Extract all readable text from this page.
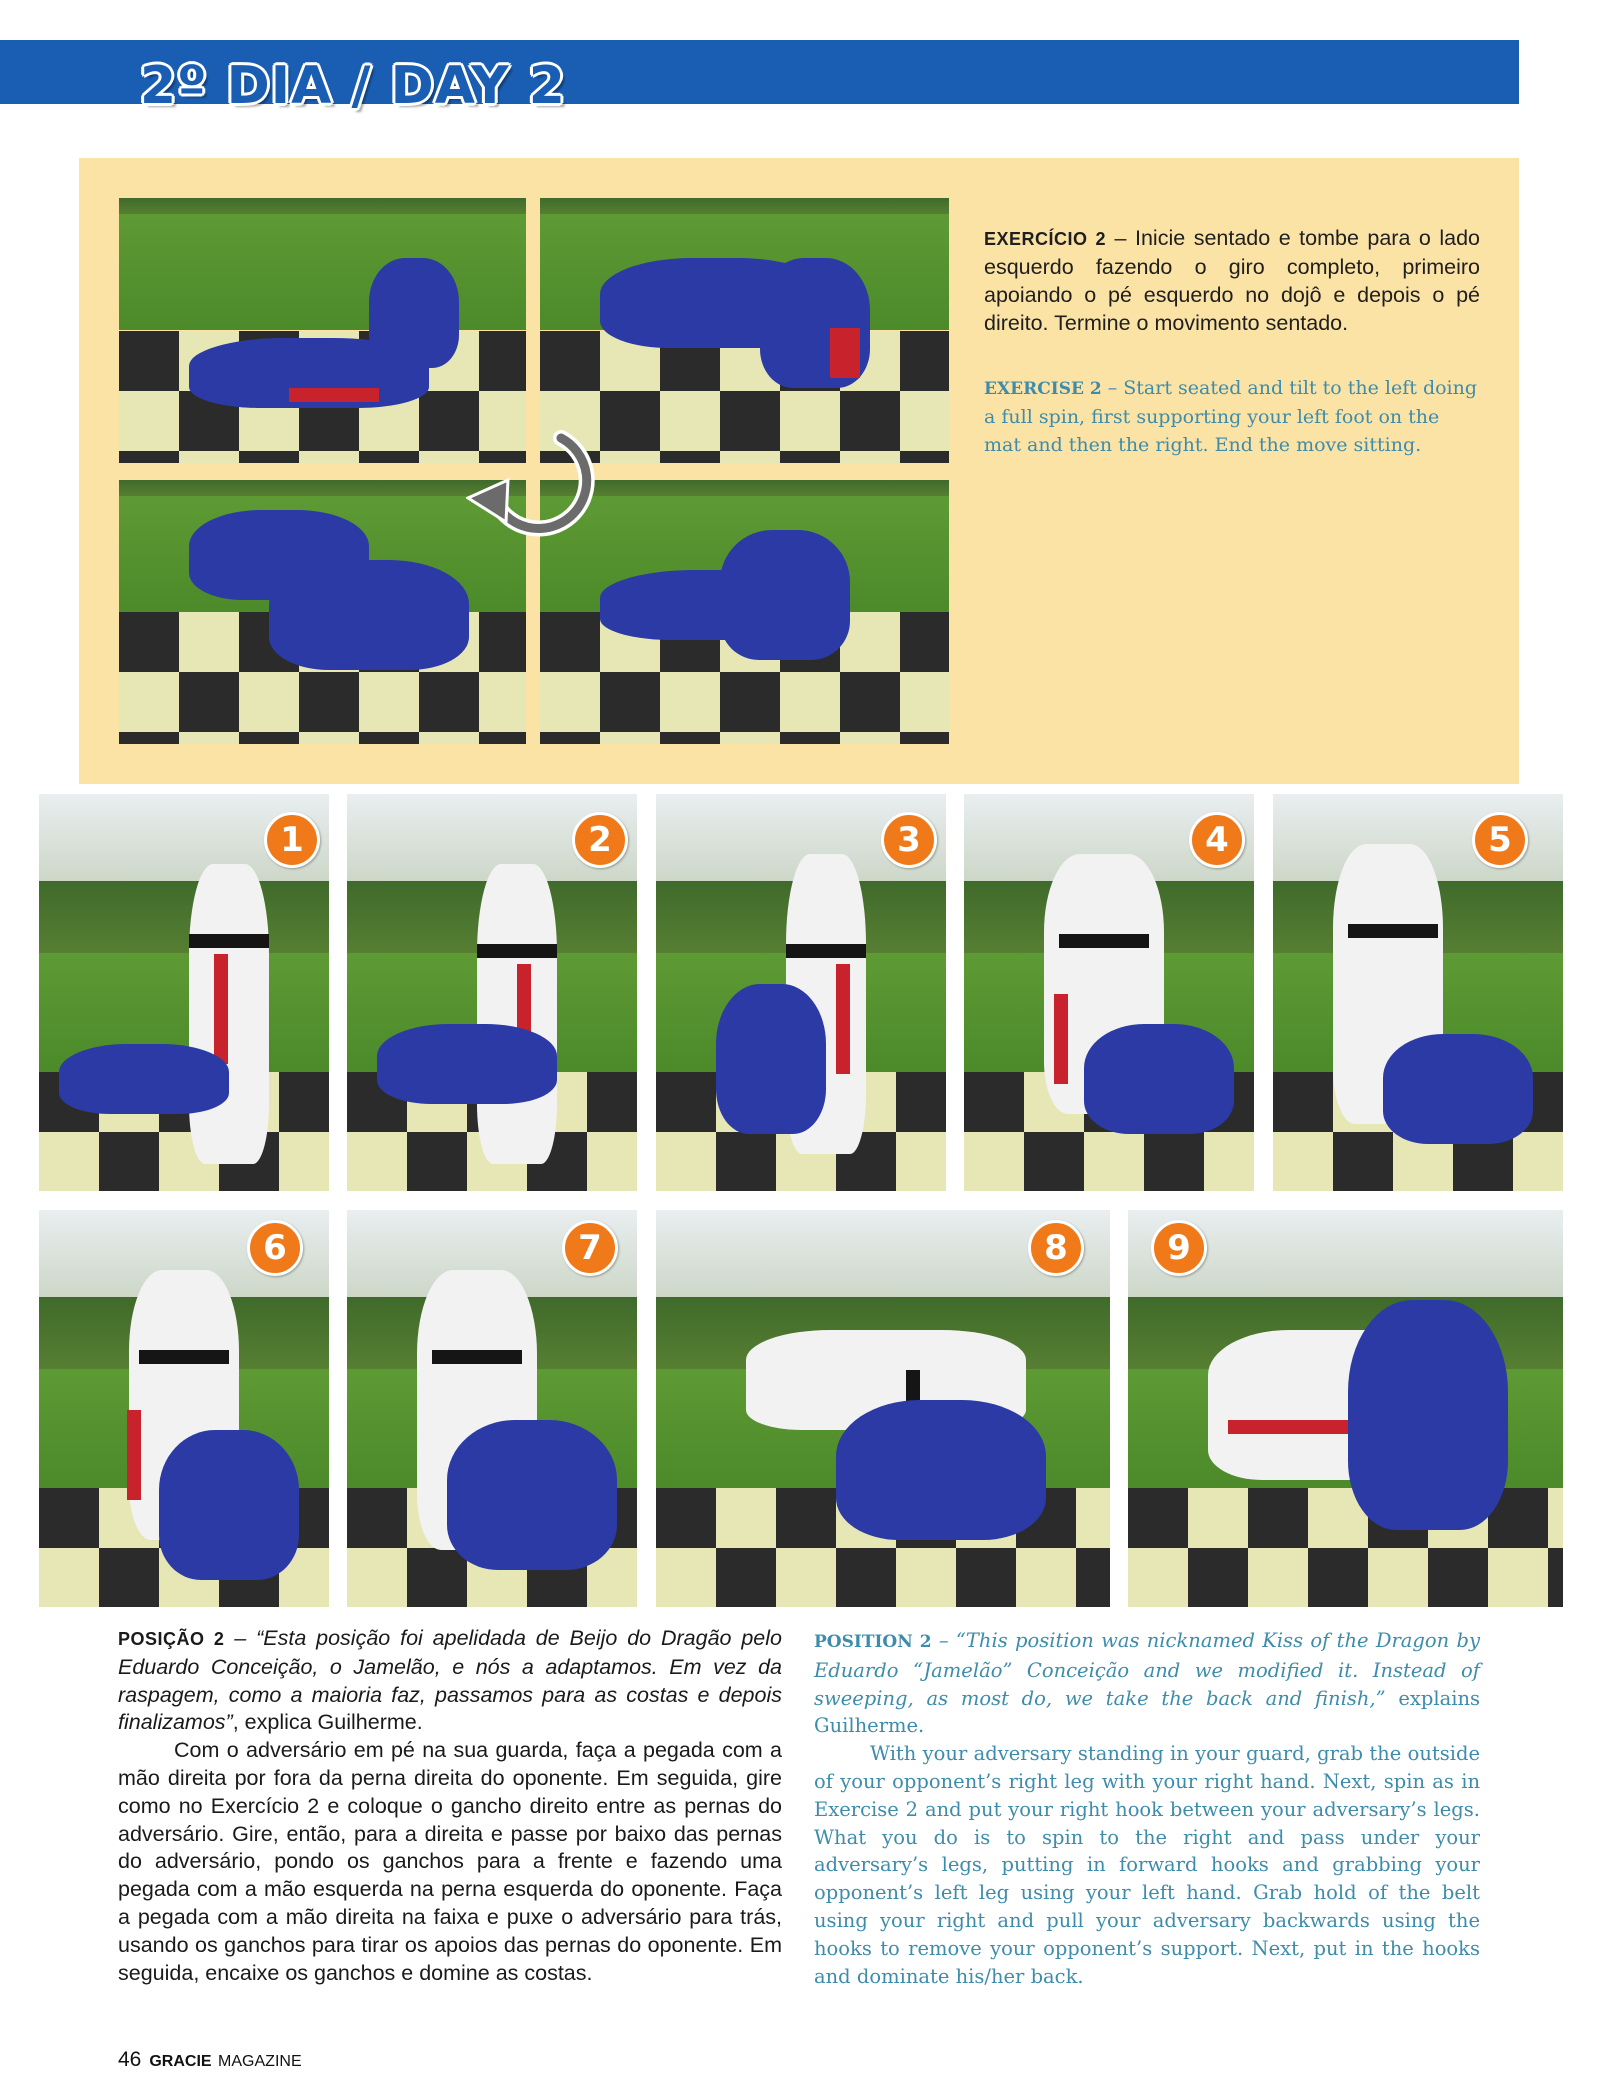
2º DIA / DAY 2
EXERCÍCIO 2 – Inicie sentado e tombe para o lado esquerdo fazendo o giro completo, primeiro apoiando o pé esquerdo no dojô e depois o pé direito. Termine o movimento sentado.
EXERCISE 2 – Start seated and tilt to the left doing a full spin, first supporting your left foot on the mat and then the right. End the move sitting.
1	2	3	4	5
6	7	8	9

POSIÇÃO 2 – “Esta posição foi apelidada de Beijo do Dragão pelo Eduardo Conceição, o Jamelão, e nós a adaptamos. Em vez da raspagem, como a maioria faz, passamos para as costas e depois finalizamos”, explica Guilherme.

Com o adversário em pé na sua guarda, faça a pegada com a mão direita por fora da perna direita do oponente. Em seguida, gire como no Exercício 2 e coloque o gancho direito entre as pernas do adversário. Gire, então, para a direita e passe por baixo das pernas do adversário, pondo os ganchos para a frente e fazendo uma pegada com a mão esquerda na perna esquerda do oponente. Faça a pegada com a mão direita na faixa e puxe o adversário para trás, usando os ganchos para tirar os apoios das pernas do oponente. Em seguida, encaixe os ganchos e domine as costas.

POSITION 2 – “This position was nicknamed Kiss of the Dragon by Eduardo “Jamelão” Conceição and we modified it. Instead of sweeping, as most do, we take the back and finish,” explains Guilherme.

With your adversary standing in your guard, grab the outside of your opponent’s right leg with your right hand. Next, spin as in Exercise 2 and put your right hook between your adversary’s legs. What you do is to spin to the right and pass under your adversary’s legs, putting in forward hooks and grabbing your opponent’s left leg using your left hand. Grab hold of the belt using your right and pull your adversary backwards using the hooks to remove your opponent’s support. Next, put in the hooks and dominate his/her back.

46 GRACIE MAGAZINE
